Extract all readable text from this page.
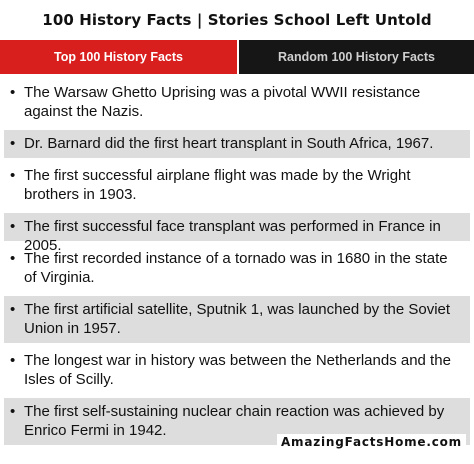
100 History Facts | Stories School Left Untold
Top 100 History Facts	Random 100 History Facts
• The Warsaw Ghetto Uprising was a pivotal WWII resistance against the Nazis.
• Dr. Barnard did the first heart transplant in South Africa, 1967.
• The first successful airplane flight was made by the Wright brothers in 1903.
• The first successful face transplant was performed in France in 2005.
• The first recorded instance of a tornado was in 1680 in the state of Virginia.
• The first artificial satellite, Sputnik 1, was launched by the Soviet Union in 1957.
• The longest war in history was between the Netherlands and the Isles of Scilly.
• The first self-sustaining nuclear chain reaction was achieved by Enrico Fermi in 1942.
AmazingFactsHome.com
